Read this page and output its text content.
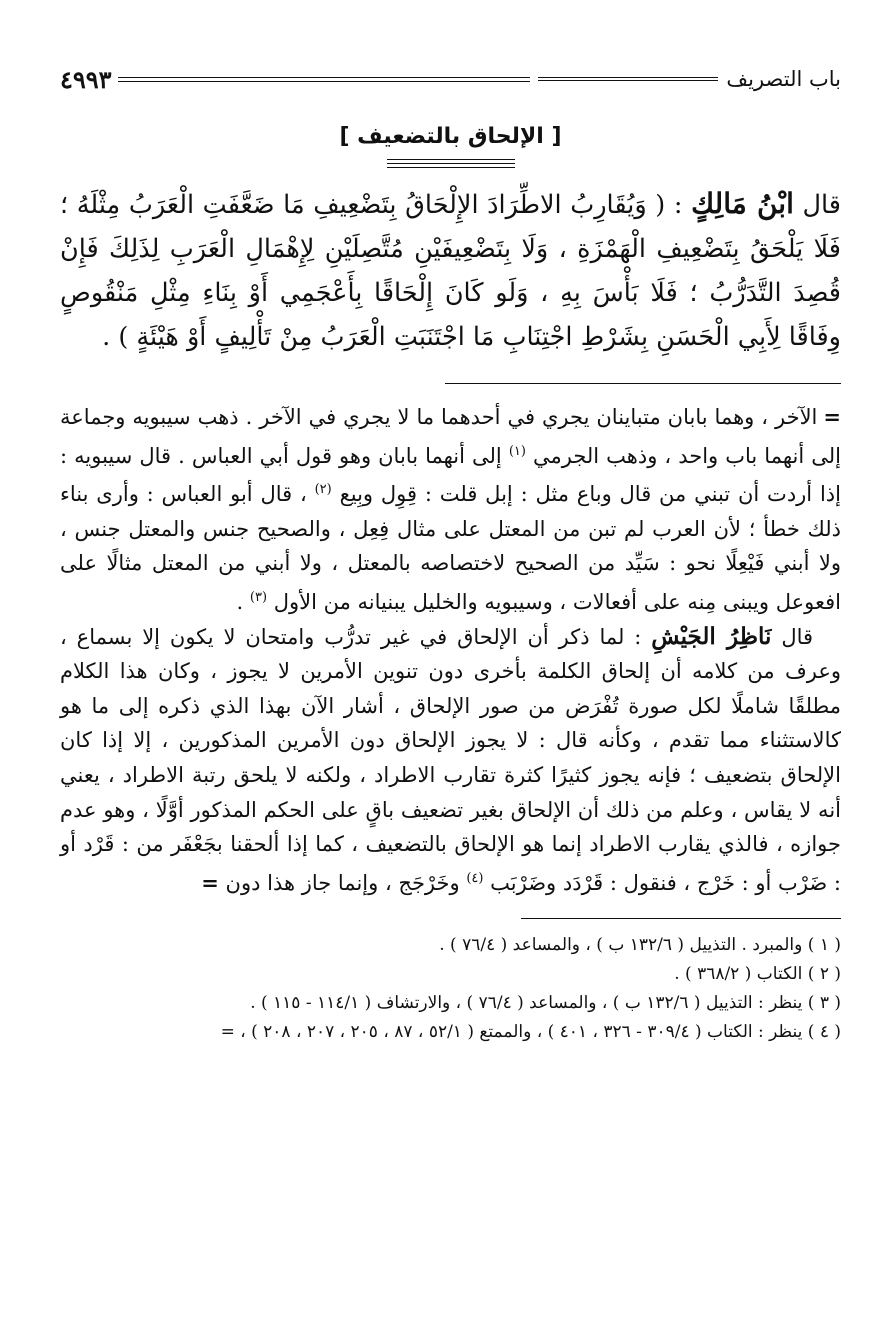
باب التصريف
٤٩٩٣
[ الإلحاق بالتضعيف ]
قال ابْنُ مَالِكٍ : ( وَيُقَارِبُ الاطِّرَادَ الإِلْحَاقُ بِتَضْعِيفِ مَا ضَعَّفَتِ الْعَرَبُ مِثْلَهُ ؛ فَلَا يَلْحَقُ بِتَضْعِيفِ الْهَمْزَةِ ، وَلَا بِتَضْعِيفَيْنِ مُتَّصِلَيْنِ لِإِهْمَالِ الْعَرَبِ لِذَلِكَ فَإِنْ قُصِدَ التَّدَرُّبُ ؛ فَلَا بَأْسَ بِهِ ، وَلَو كَانَ إِلْحَاقًا بِأَعْجَمِي أَوْ بِنَاءِ مِثْلِ مَنْقُوصٍ وِفَاقًا لِأَبِي الْحَسَنِ بِشَرْطِ اجْتِنَابِ مَا اجْتَنَبَتِ الْعَرَبُ مِنْ تَأْلِيفٍ أَوْ هَيْئَةٍ ) .

=الآخر ، وهما بابان متباينان يجري في أحدهما ما لا يجري في الآخر . ذهب سيبويه وجماعة إلى أنهما باب واحد ، وذهب الجرمي $^{(١)}$ إلى أنهما بابان وهو قول أبي العباس . قال سيبويه : إذا أردت أن تبني من قال وباع مثل : إبل قلت : قِوِل وبِيع $^{(٢)}$ ، قال أبو العباس : وأرى بناء ذلك خطأ ؛ لأن العرب لم تبن من المعتل على مثال فِعِل ، والصحيح جنس والمعتل جنس ، ولا أبني فَيْعِلًا نحو : سَيِّد من الصحيح لاختصاصه بالمعتل ، ولا أبني من المعتل مثالًا على افعوعل ويبنى مِنه على أفعالات ، وسيبويه والخليل يبنيانه من الأول $^{(٣)}$ .

قال نَاظِرُ الجَيْشِ : لما ذكر أن الإلحاق في غير تدرُّب وامتحان لا يكون إلا بسماع ، وعرف من كلامه أن إلحاق الكلمة بأخرى دون تنوين الأمرين لا يجوز ، وكان هذا الكلام مطلقًا شاملًا لكل صورة تُفْرَض من صور الإلحاق ، أشار الآن بهذا الذي ذكره إلى ما هو كالاستثناء مما تقدم ، وكأنه قال : لا يجوز الإلحاق دون الأمرين المذكورين ، إلا إذا كان الإلحاق بتضعيف ؛ فإنه يجوز كثيرًا كثرة تقارب الاطراد ، ولكنه لا يلحق رتبة الاطراد ، يعني أنه لا يقاس ، وعلم من ذلك أن الإلحاق بغير تضعيف باقٍ على الحكم المذكور أوَّلًا ، وهو عدم جوازه ، فالذي يقارب الاطراد إنما هو الإلحاق بالتضعيف ، كما إذا ألحقنا بجَعْفَر من : قَرْد أو : ضَرْب أو : خَرْج ، فنقول : قَرْدَد وضَرْبَب $^{(٤)}$ وخَرْجَج ، وإنما جاز هذا دون =

( ١ ) والمبرد . التذييل ( ١٣٢/٦ ب ) ، والمساعد ( ٧٦/٤ ) .
( ٢ ) الكتاب ( ٣٦٨/٢ ) .
( ٣ ) ينظر : التذييل ( ١٣٢/٦ ب ) ، والمساعد ( ٧٦/٤ ) ، والارتشاف ( ١١٤/١ - ١١٥ ) .
( ٤ ) ينظر : الكتاب ( ٣٠٩/٤ - ٣٢٦ ، ٤٠١ ) ، والممتع ( ٥٢/١ ، ٨٧ ، ٢٠٥ ، ٢٠٧ ، ٢٠٨ ) ، =
